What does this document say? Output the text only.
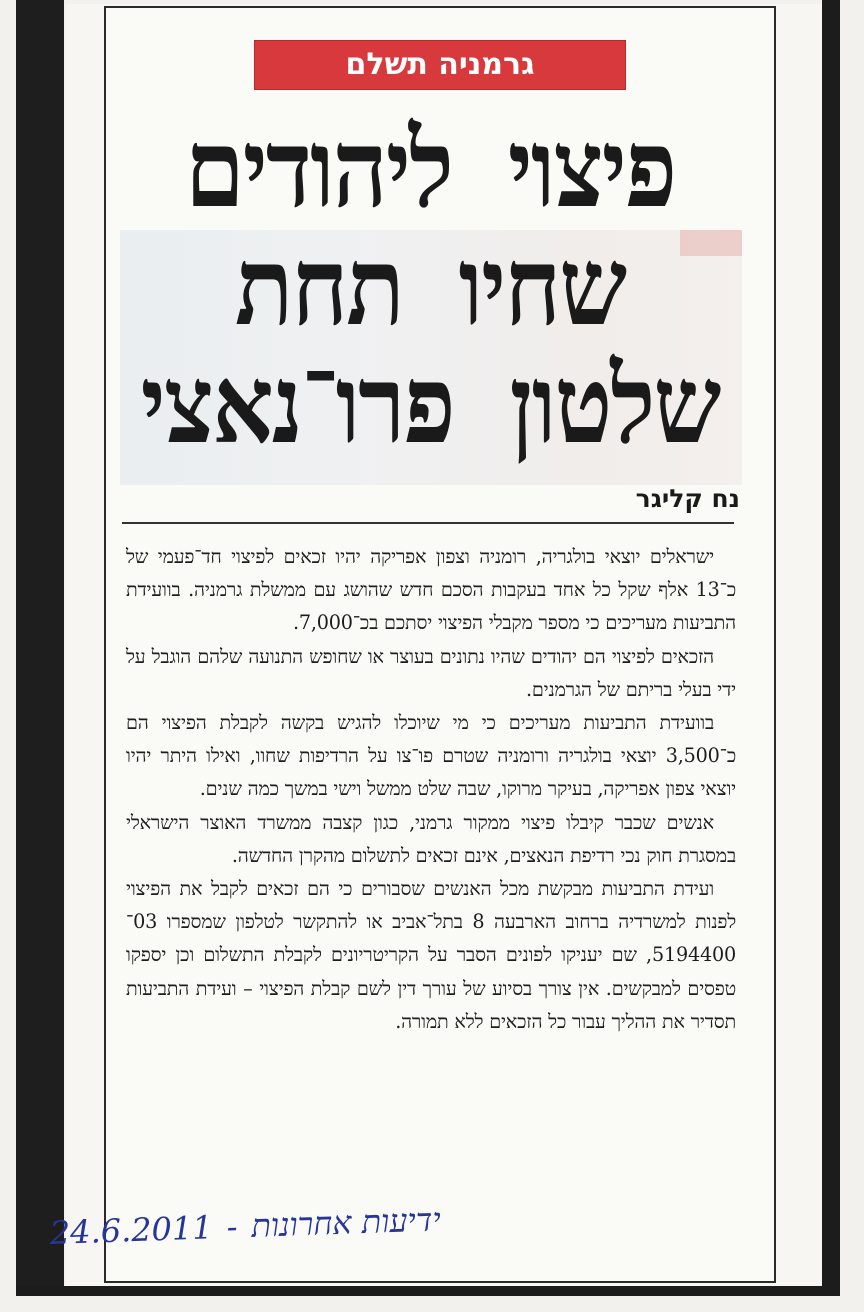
גרמניה תשלם
פיצוי ליהודים
שחיו תחת
שלטון פרו־נאצי
נח קליגר

ישראלים יוצאי בולגריה, רומניה וצפון אפריקה יהיו זכאים לפיצוי חד־פעמי של כ־13 אלף שקל כל אחד בעקבות הסכם חדש שהושג עם ממשלת גרמניה. בוועידת התביעות מעריכים כי מספר מקבלי הפיצוי יסתכם בכ־7,000.

הזכאים לפיצוי הם יהודים שהיו נתונים בעוצר או שחופש התנועה שלהם הוגבל על ידי בעלי בריתם של הגרמנים.

בוועידת התביעות מעריכים כי מי שיוכלו להגיש בקשה לקבלת הפיצוי הם כ־3,500 יוצאי בולגריה ורומניה שטרם פו־צו על הרדיפות שחוו, ואילו היתר יהיו יוצאי צפון אפריקה, בעיקר מרוקו, שבה שלט ממשל וישי במשך כמה שנים.

אנשים שכבר קיבלו פיצוי ממקור גרמני, כגון קצבה ממשרד האוצר הישראלי במסגרת חוק נכי רדיפת הנאצים, אינם זכאים לתשלום מהקרן החדשה.

ועידת התביעות מבקשת מכל האנשים שסבורים כי הם זכאים לקבל את הפיצוי לפנות למשרדיה ברחוב הארבעה 8 בתל־אביב או להתקשר לטלפון שמספרו 03־5194400, שם יעניקו לפונים הסבר על הקריטריונים לקבלת התשלום וכן יספקו טפסים למבקשים. אין צורך בסיוע של עורך דין לשם קבלת הפיצוי – ועידת התביעות תסדיר את ההליך עבור כל הזכאים ללא תמורה.

24.6.2011 - ידיעות אחרונות
